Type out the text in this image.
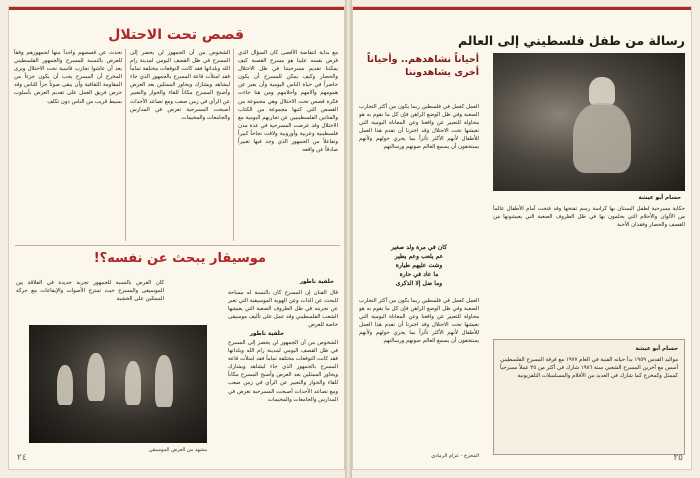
قصص تحت الاحتلال

مع بداية انتفاضة الأقصى كان السؤال الذي فرض نفسه علينا هو مسرح القصبة كيف يمكننا تقديم مسرحيتنا في ظل الاحتلال والحصار وكيف يمكن للمسرح أن يكون حاضراً في حياة الناس اليومية وأن يعبر عن همومهم وآلامهم وأحلامهم ومن هنا جاءت فكرة قصص تحت الاحتلال وهي مجموعة من القصص التي كتبها مجموعة من الكتاب والفنانين الفلسطينيين عن تجاربهم اليومية مع الاحتلال وقد عرضت المسرحية في عدة مدن فلسطينية وعربية وأوروبية ولاقت نجاحاً كبيراً وتفاعلاً من الجمهور الذي وجد فيها تعبيراً صادقاً عن واقعه

الشخوص من أن الجمهور لن يحضر إلى المسرح في ظل القصف اليومي لمدينة رام الله وبلداتها فقد كانت التوقعات مختلفة تماماً فقد امتلأت قاعة المسرح بالجمهور الذي جاء ليشاهد ويشارك ويحاور الممثلين بعد العرض وأصبح المسرح مكاناً للقاء والحوار والتعبير عن الرأي في زمن صعب ومع تصاعد الأحداث أصبحت المسرحية تعرض في المدارس والجامعات والمخيمات

تحدث عن قصصهم واحداً منها لجمهورهم وفقاً للعرض بالنسبة للمسرح والجمهور الفلسطيني بعد أن عاشوا تجارب قاسية تحت الاحتلال ويرى المخرج أن المسرح يجب أن يكون جزءاً من المقاومة الثقافية وأن يبقى صوتاً حراً للناس وقد حرص فريق العمل على تقديم العرض بأسلوب بسيط قريب من الناس دون تكلف

موسيقار يبحث عن نفسه؟!
خلفية ناطور

قال الفنان إن المسرح كان بالنسبة له مساحة للبحث عن الذات وعن الهوية الموسيقية التي تعبر عن تجربته في ظل الظروف الصعبة التي يعيشها الشعب الفلسطيني وقد عمل على تأليف موسيقى خاصة للعرض

خلفية ناطور

كان العرض بالنسبة للجمهور تجربة جديدة في العلاقة بين الموسيقى والمسرح حيث تمتزج الأصوات والإيقاعات مع حركة الممثلين على الخشبة

مشهد من العرض الموسيقي

الشخوص من أن الجمهور لن يحضر إلى المسرح في ظل القصف اليومي لمدينة رام الله وبلداتها فقد كانت التوقعات مختلفة تماماً فقد امتلأت قاعة المسرح بالجمهور الذي جاء ليشاهد ويشارك ويحاور الممثلين بعد العرض وأصبح المسرح مكاناً للقاء والحوار والتعبير عن الرأي في زمن صعب ومع تصاعد الأحداث أصبحت المسرحية تعرض في المدارس والجامعات والمخيمات

٢٤
رسالة من طفل فلسطيني إلى العالم
حسام أبو عيشة
أحياناً نشاهدهم.. وأحياناً أخرى يشاهدوننا

العمل كعمل في فلسطين ربما يكون من أكثر التجارب الصعبة وفي ظل الوضع الراهن فإن كل ما نقوم به هو محاولة للتعبير عن واقعنا وعن المعاناة اليومية التي نعيشها تحت الاحتلال وقد اخترنا أن نقدم هذا العمل للأطفال لأنهم الأكثر تأثراً بما يجري حولهم ولأنهم يستحقون أن يسمع العالم صوتهم ورسالتهم

حكاية مسرحية لطفل البستان بها كراسة رسم تفتحها وقد فتحت أمام الأطفال عالماً من الألوان والأحلام التي يحلمون بها في ظل الظروف الصعبة التي يعيشونها من القصف والحصار وفقدان الأحبة

كان في مرة ولد صغير
عم يلعب وعم يطير
وشت عليهم طيارة
ما عاد في حارة
وما ضل إلا الذكرى

العمل كعمل في فلسطين ربما يكون من أكثر التجارب الصعبة وفي ظل الوضع الراهن فإن كل ما نقوم به هو محاولة للتعبير عن واقعنا وعن المعاناة اليومية التي نعيشها تحت الاحتلال وقد اخترنا أن نقدم هذا العمل للأطفال لأنهم الأكثر تأثراً بما يجري حولهم ولأنهم يستحقون أن يسمع العالم صوتهم ورسالتهم

حسام أبو عيشة
مواليد القدس ١٩٥٩ بدأ حياته الفنية في العام ١٩٧٧ مع فرقة المسرح الفلسطيني أسس مع آخرين المسرح الشعبي سنة ١٩٨٦ شارك في أكثر من ٣٥ عملاً مسرحياً كممثل وكمخرج كما شارك في العديد من الأفلام والمسلسلات التلفزيونية
المخرج - عزام الرمادي	٢٥
